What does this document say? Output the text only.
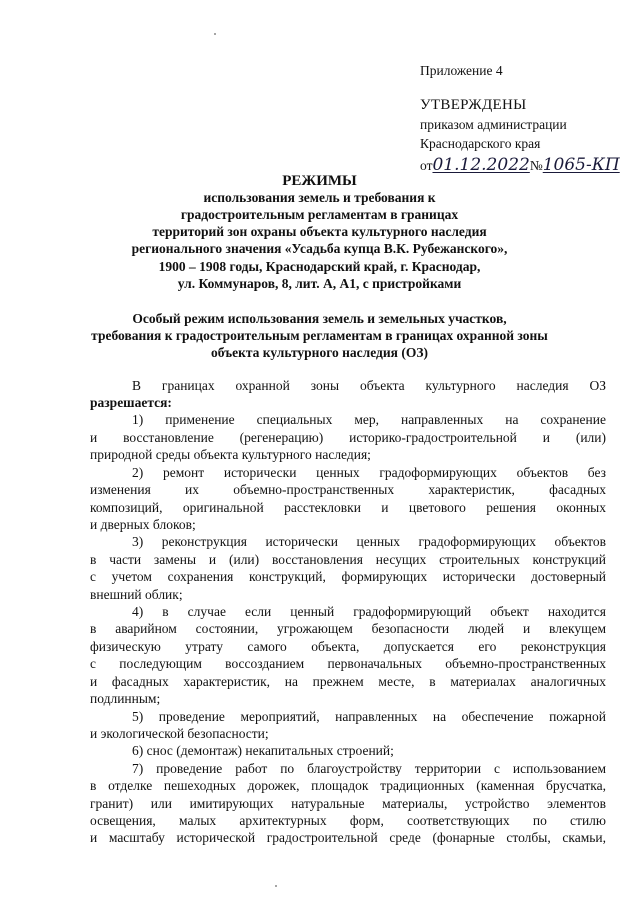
Приложение 4
УТВЕРЖДЕНЫ
приказом администрации
Краснодарского края
от01.12.2022№1065-КП
РЕЖИМЫ
использования земель и требования к
градостроительным регламентам в границах
территорий зон охраны объекта культурного наследия
регионального значения «Усадьба купца В.К. Рубежанского»,
1900 – 1908 годы, Краснодарский край, г. Краснодар,
ул. Коммунаров, 8, лит. А, А1, с пристройками
Особый режим использования земель и земельных участков,
требования к градостроительным регламентам в границах охранной зоны
объекта культурного наследия (ОЗ)
В границах охранной зоны объекта культурного наследия ОЗ
разрешается:
1) применение специальных мер, направленных на сохранение
и восстановление (регенерацию) историко-градостроительной и (или)
природной среды объекта культурного наследия;
2) ремонт исторически ценных градоформирующих объектов без
изменения их объемно-пространственных характеристик, фасадных
композиций, оригинальной расстекловки и цветового решения оконных
и дверных блоков;
3) реконструкция исторически ценных градоформирующих объектов
в части замены и (или) восстановления несущих строительных конструкций
с учетом сохранения конструкций, формирующих исторически достоверный
внешний облик;
4) в случае если ценный градоформирующий объект находится
в аварийном состоянии, угрожающем безопасности людей и влекущем
физическую утрату самого объекта, допускается его реконструкция
с последующим воссозданием первоначальных объемно-пространственных
и фасадных характеристик, на прежнем месте, в материалах аналогичных
подлинным;
5) проведение мероприятий, направленных на обеспечение пожарной
и экологической безопасности;
6) снос (демонтаж) некапитальных строений;
7) проведение работ по благоустройству территории с использованием
в отделке пешеходных дорожек, площадок традиционных (каменная брусчатка,
гранит) или имитирующих натуральные материалы, устройство элементов
освещения, малых архитектурных форм, соответствующих по стилю
и масштабу исторической градостроительной среде (фонарные столбы, скамьи,
